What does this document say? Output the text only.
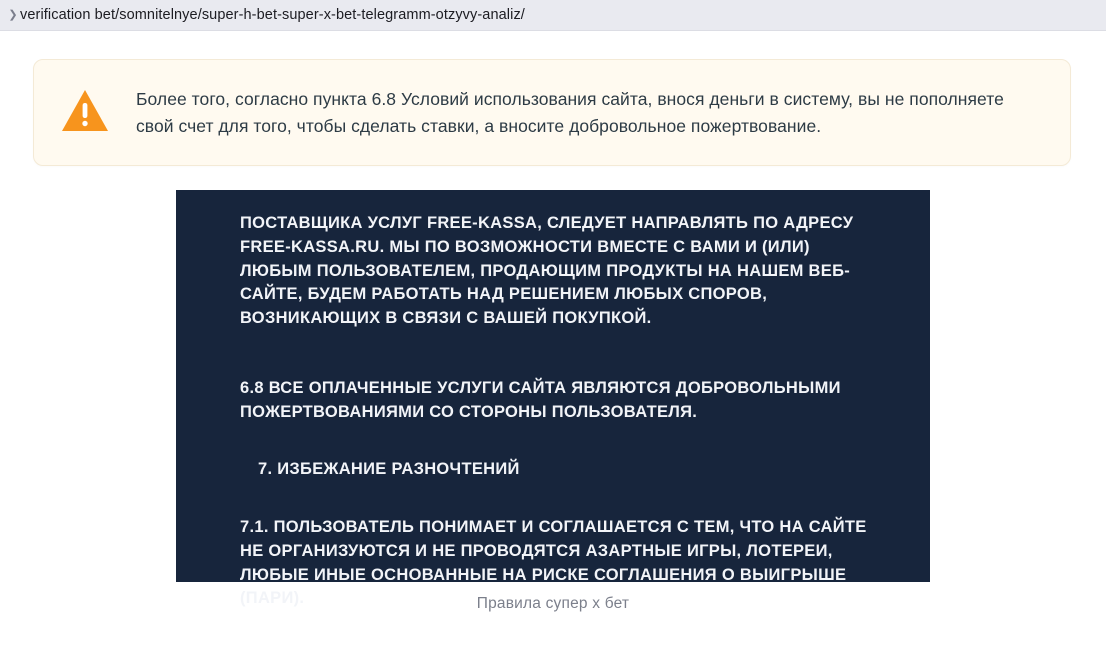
❯ verification bet/somnitelnye/super-h-bet-super-x-bet-telegramm-otzyvy-analiz/
Более того, согласно пункта 6.8 Условий использования сайта, внося деньги в систему, вы не пополняете свой счет для того, чтобы сделать ставки, а вносите добровольное пожертвование.

ПОСТАВЩИКА УСЛУГ FREE-KASSA, СЛЕДУЕТ НАПРАВЛЯТЬ ПО АДРЕСУ

FREE-KASSA.RU. МЫ ПО ВОЗМОЖНОСТИ ВМЕСТЕ С ВАМИ И (ИЛИ)

ЛЮБЫМ ПОЛЬЗОВАТЕЛЕМ, ПРОДАЮЩИМ ПРОДУКТЫ НА НАШЕМ ВЕБ-

САЙТЕ, БУДЕМ РАБОТАТЬ НАД РЕШЕНИЕМ ЛЮБЫХ СПОРОВ,

ВОЗНИКАЮЩИХ В СВЯЗИ С ВАШЕЙ ПОКУПКОЙ.

6.8 ВСЕ ОПЛАЧЕННЫЕ УСЛУГИ САЙТА ЯВЛЯЮТСЯ ДОБРОВОЛЬНЫМИ

ПОЖЕРТВОВАНИЯМИ СО СТОРОНЫ ПОЛЬЗОВАТЕЛЯ.

7. ИЗБЕЖАНИЕ РАЗНОЧТЕНИЙ

7.1. ПОЛЬЗОВАТЕЛЬ ПОНИМАЕТ И СОГЛАШАЕТСЯ С ТЕМ, ЧТО НА САЙТЕ

НЕ ОРГАНИЗУЮТСЯ И НЕ ПРОВОДЯТСЯ АЗАРТНЫЕ ИГРЫ, ЛОТЕРЕИ,

ЛЮБЫЕ ИНЫЕ ОСНОВАННЫЕ НА РИСКЕ СОГЛАШЕНИЯ О ВЫИГРЫШЕ

(ПАРИ).	Правила супер х бет
